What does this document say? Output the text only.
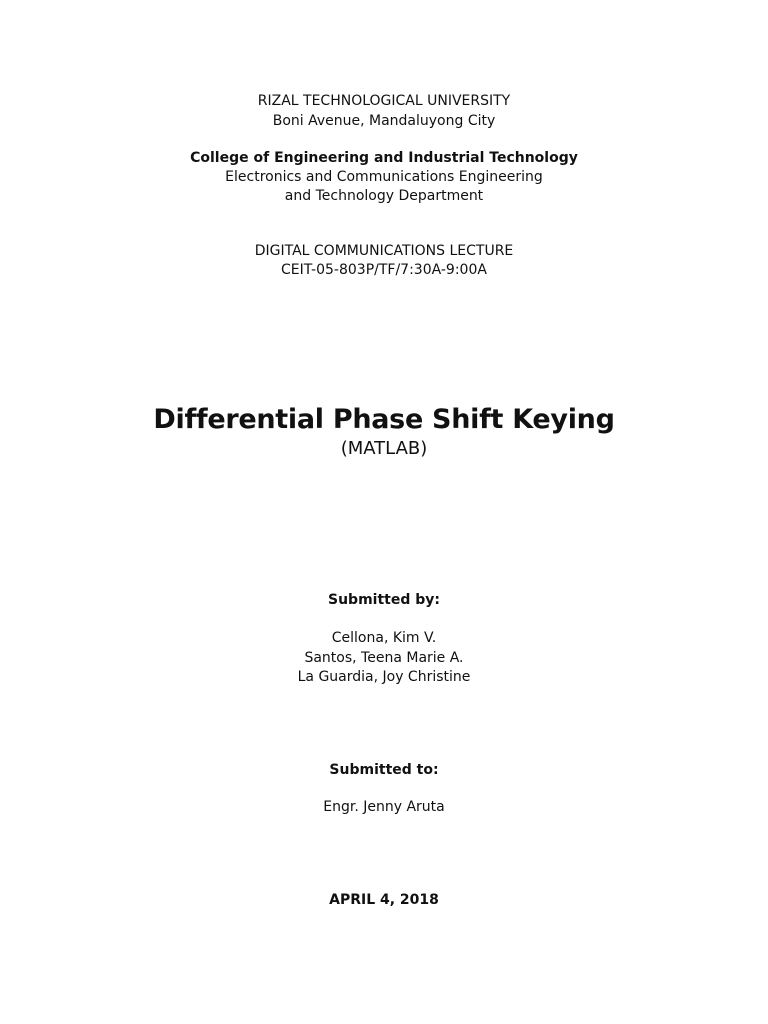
RIZAL TECHNOLOGICAL UNIVERSITY
Boni Avenue, Mandaluyong City
College of Engineering and Industrial Technology
Electronics and Communications Engineering
and Technology Department
DIGITAL COMMUNICATIONS LECTURE
CEIT-05-803P/TF/7:30A-9:00A
Differential Phase Shift Keying
(MATLAB)
Submitted by:
Cellona, Kim V.
Santos, Teena Marie A.
La Guardia, Joy Christine
Submitted to:
Engr. Jenny Aruta
APRIL 4, 2018
